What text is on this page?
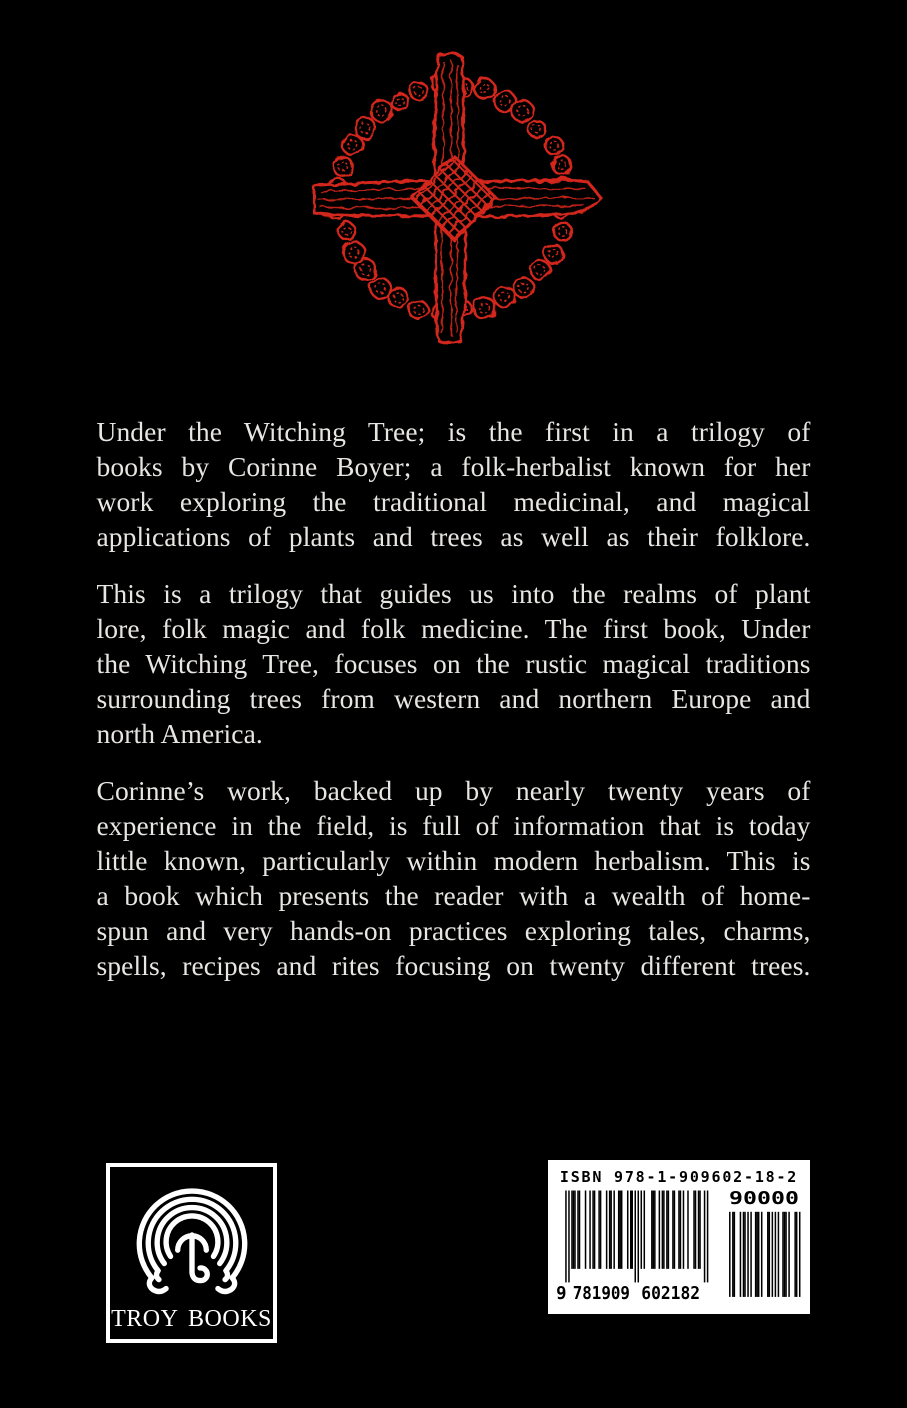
Under the Witching Tree; is the first in a trilogy of
books by Corinne Boyer; a folk-herbalist known for her
work exploring the traditional medicinal, and magical
applications of plants and trees as well as their folklore.
This is a trilogy that guides us into the realms of plant
lore, folk magic and folk medicine. The first book, Under
the Witching Tree, focuses on the rustic magical traditions
surrounding trees from western and northern Europe and
north America.
Corinne’s work, backed up by nearly twenty years of
experience in the field, is full of information that is today
little known, particularly within modern herbalism. This is
a book which presents the reader with a wealth of home-
spun and very hands-on practices exploring tales, charms,
spells, recipes and rites focusing on twenty different trees.
TROY BOOKS
ISBN 978-1-909602-18-2
9 781909 602182
90000
